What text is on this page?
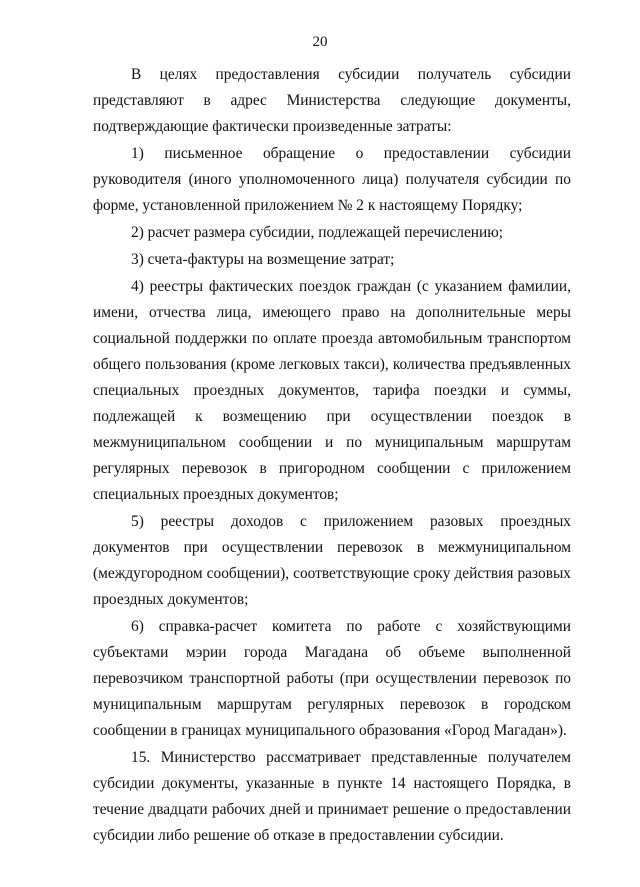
20

В целях предоставления субсидии получатель субсидии представляют в адрес Министерства следующие документы, подтверждающие фактически произведенные затраты:

1) письменное обращение о предоставлении субсидии руководителя (иного уполномоченного лица) получателя субсидии по форме, установленной приложением № 2 к настоящему Порядку;

2) расчет размера субсидии, подлежащей перечислению;

3) счета-фактуры на возмещение затрат;

4) реестры фактических поездок граждан (с указанием фамилии, имени, отчества лица, имеющего право на дополнительные меры социальной поддержки по оплате проезда автомобильным транспортом общего пользования (кроме легковых такси), количества предъявленных специальных проездных документов, тарифа поездки и суммы, подлежащей к возмещению при осуществлении поездок в межмуниципальном сообщении и по муниципальным маршрутам регулярных перевозок в пригородном сообщении с приложением специальных проездных документов;

5) реестры доходов с приложением разовых проездных документов при осуществлении перевозок в межмуниципальном (междугородном сообщении), соответствующие сроку действия разовых проездных документов;

6) справка-расчет комитета по работе с хозяйствующими субъектами мэрии города Магадана об объеме выполненной перевозчиком транспортной работы (при осуществлении перевозок по муниципальным маршрутам регулярных перевозок в городском сообщении в границах муниципального образования «Город Магадан»).

15. Министерство рассматривает представленные получателем субсидии документы, указанные в пункте 14 настоящего Порядка, в течение двадцати рабочих дней и принимает решение о предоставлении субсидии либо решение об отказе в предоставлении субсидии.
